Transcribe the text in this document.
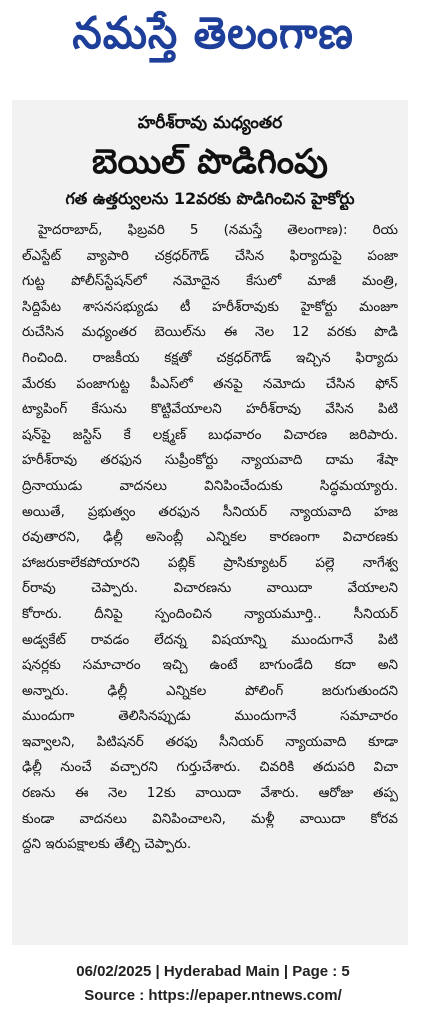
నమస్తే తెలంగాణ
హరీశ్‌రావు మధ్యంతర
బెయిల్ పొడిగింపు
గత ఉత్తర్వులను 12వరకు పొడిగించిన హైకోర్టు
హైదరాబాద్, ఫిబ్రవరి 5 (నమస్తే తెలంగాణ): రియ
ల్‌ఎస్టేట్ వ్యాపారి చక్రధర్‌గౌడ్ చేసిన ఫిర్యాదుపై పంజా
గుట్ట పోలీస్‌స్టేషన్‌లో నమోదైన కేసులో మాజీ మంత్రి,
సిద్దిపేట శాసనసభ్యుడు టీ హరీశ్‌రావుకు హైకోర్టు మంజూ
రుచేసిన మధ్యంతర బెయిల్‌ను ఈ నెల 12 వరకు పొడి
గించింది. రాజకీయ కక్షతో చక్రధర్‌గౌడ్ ఇచ్చిన ఫిర్యాదు
మేరకు పంజాగుట్ట పీఎస్‌లో తనపై నమోదు చేసిన ఫోన్
ట్యాపింగ్ కేసును కొట్టివేయాలని హరీశ్‌రావు వేసిన పిటి
షన్‌పై జస్టిస్ కే లక్ష్మణ్ బుధవారం విచారణ జరిపారు.
హరీశ్‌రావు తరఫున సుప్రీంకోర్టు న్యాయవాది దామ శేషా
ద్రినాయుడు వాదనలు వినిపించేందుకు సిద్ధమయ్యారు.
అయితే, ప్రభుత్వం తరఫున సీనియర్ న్యాయవాది హజ
రవుతారని, ఢిల్లీ అసెంబ్లీ ఎన్నికల కారణంగా విచారణకు
హాజరుకాలేకపోయారని పబ్లిక్ ప్రాసిక్యూటర్ పల్లె నాగేశ్వ
ర్‌రావు చెప్పారు. విచారణను వాయిదా వేయాలని
కోరారు. దీనిపై స్పందించిన న్యాయమూర్తి.. సీనియర్
అడ్వకేట్ రావడం లేదన్న విషయాన్ని ముందుగానే పిటి
షనర్లకు సమాచారం ఇచ్చి ఉంటే బాగుండేది కదా అని
అన్నారు. ఢిల్లీ ఎన్నికల పోలింగ్ జరుగుతుందని
ముందుగా తెలిసినప్పుడు ముందుగానే సమాచారం
ఇవ్వాలని, పిటిషనర్ తరఫు సీనియర్ న్యాయవాది కూడా
ఢిల్లీ నుంచే వచ్చారని గుర్తుచేశారు. చివరికి తదుపరి విచా
రణను ఈ నెల 12కు వాయిదా వేశారు. ఆరోజు తప్ప
కుండా వాదనలు వినిపించాలని, మళ్లీ వాయిదా కోరవ
ద్దని ఇరుపక్షాలకు తేల్చి చెప్పారు.
06/02/2025 | Hyderabad Main | Page : 5
Source : https://epaper.ntnews.com/
